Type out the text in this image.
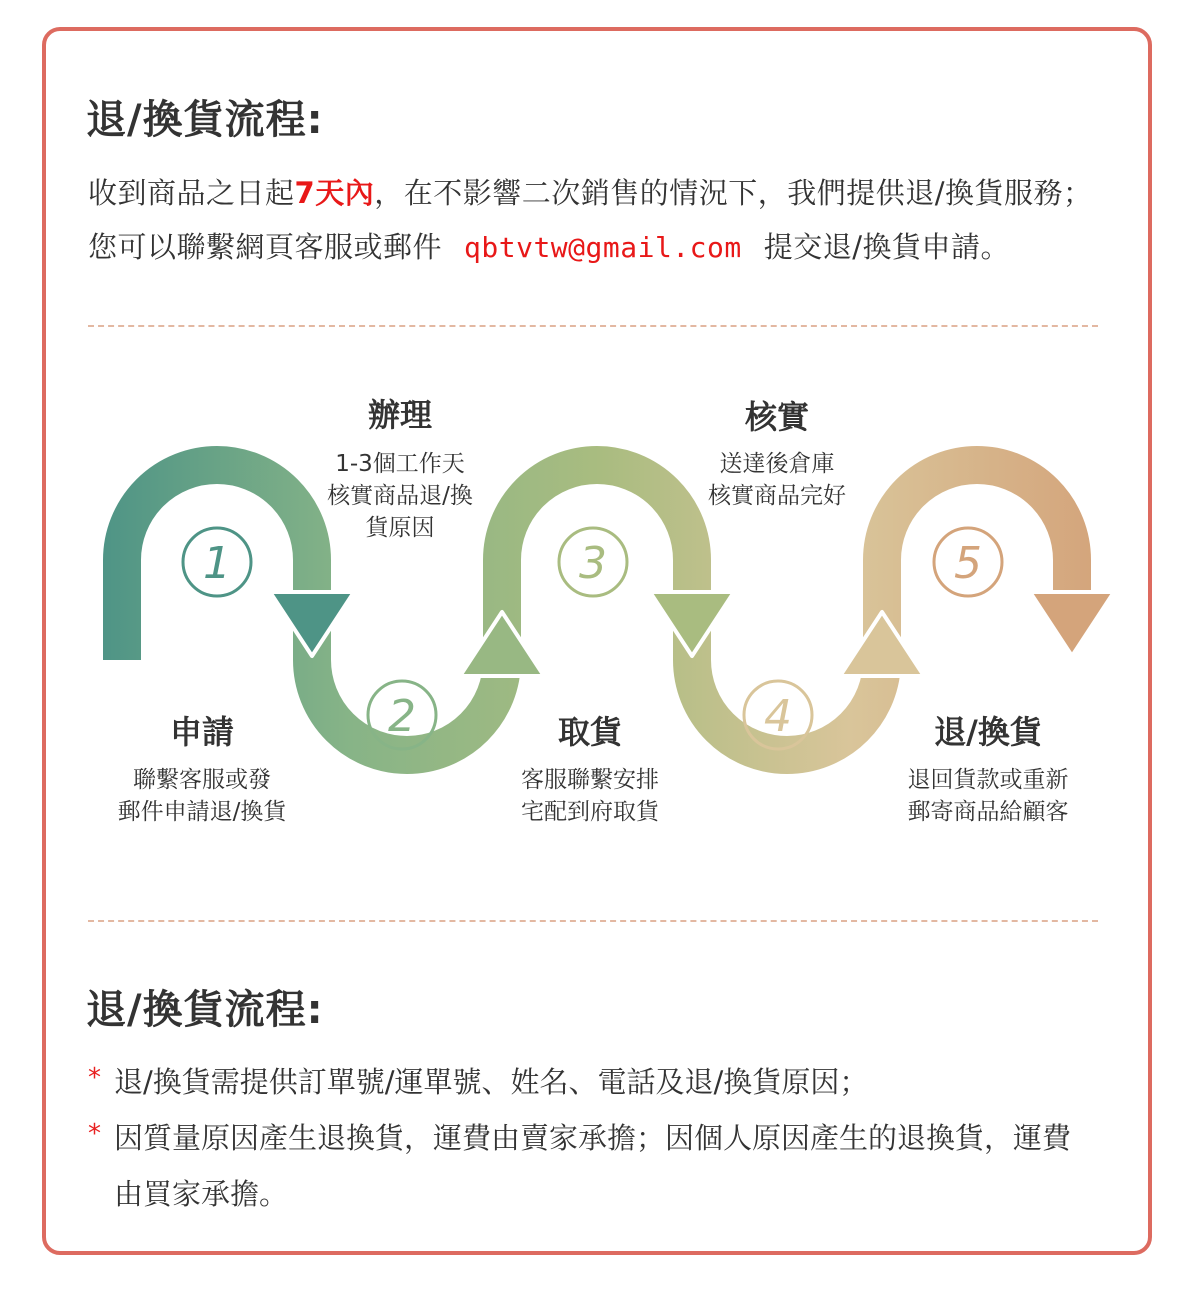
退/換貨流程:

收到商品之日起7天內，在不影響二次銷售的情況下，我們提供退/換貨服務；您可以聯繫網頁客服或郵件 qbtvtw@gmail.com 提交退/換貨申請。

1
2
3
4
5
辦理
1-3個工作天
核實商品退/換
貨原因
核實
送達後倉庫
核實商品完好
申請
聯繫客服或發
郵件申請退/換貨
取貨
客服聯繫安排
宅配到府取貨
退/換貨
退回貨款或重新
郵寄商品給顧客
退/換貨流程:
* 退/換貨需提供訂單號/運單號、姓名、電話及退/換貨原因；
* 因質量原因產生退換貨，運費由賣家承擔；因個人原因產生的退換貨，運費由買家承擔。
